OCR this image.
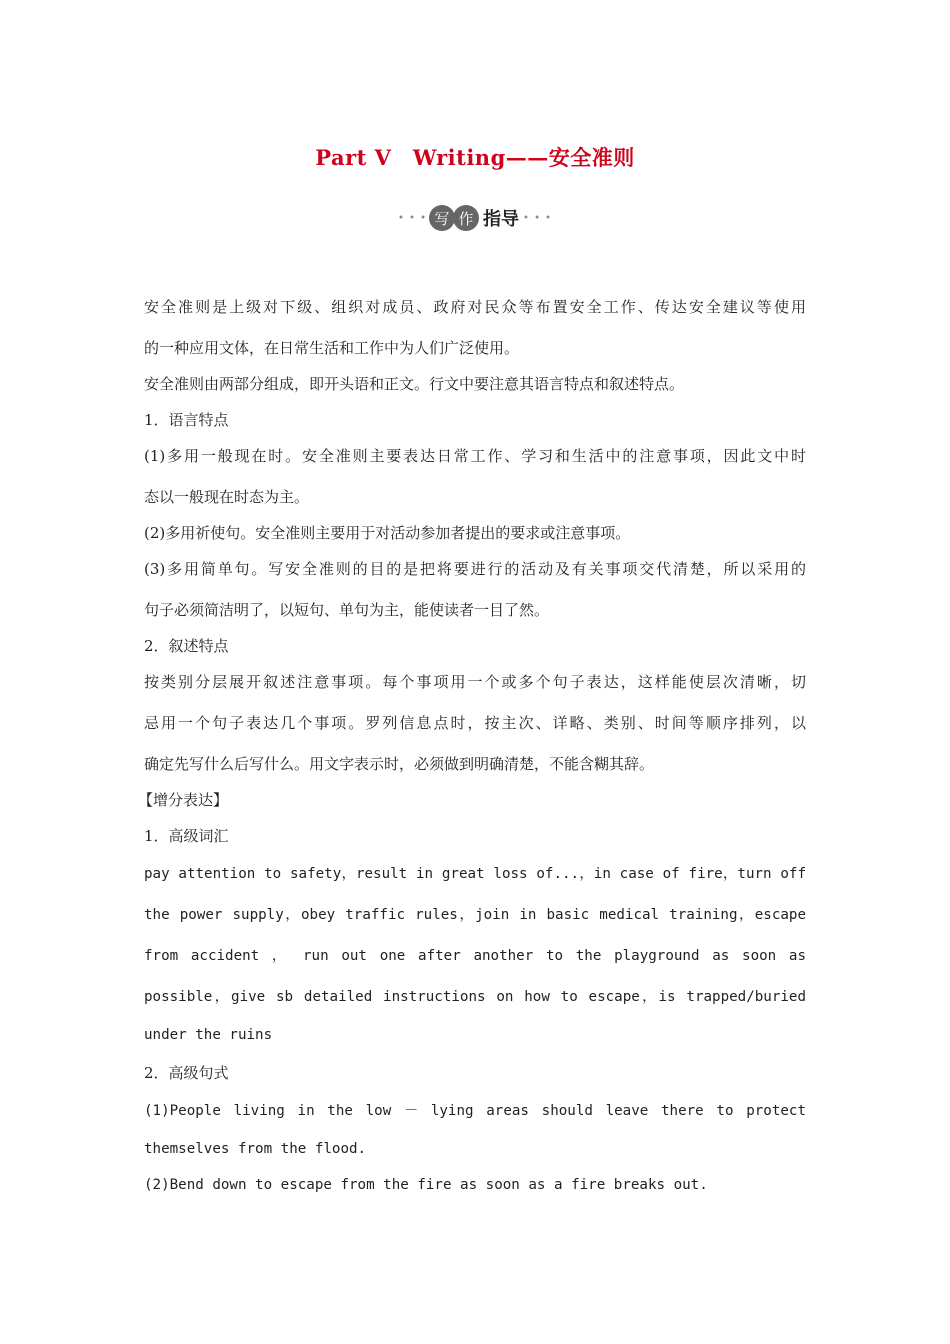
Part Ⅴ　Writing——安全准则
• • • 写 作 指导 • • •
安全准则是上级对下级、组织对成员、政府对民众等布置安全工作、传达安全建议等使用
的一种应用文体，在日常生活和工作中为人们广泛使用。
安全准则由两部分组成，即开头语和正文。行文中要注意其语言特点和叙述特点。
1．语言特点
(1)多用一般现在时。安全准则主要表达日常工作、学习和生活中的注意事项，因此文中时
态以一般现在时态为主。
(2)多用祈使句。安全准则主要用于对活动参加者提出的要求或注意事项。
(3)多用简单句。写安全准则的目的是把将要进行的活动及有关事项交代清楚，所以采用的
句子必须简洁明了，以短句、单句为主，能使读者一目了然。
2．叙述特点
按类别分层展开叙述注意事项。每个事项用一个或多个句子表达，这样能使层次清晰，切
忌用一个句子表达几个事项。罗列信息点时，按主次、详略、类别、时间等顺序排列，以
确定先写什么后写什么。用文字表示时，必须做到明确清楚，不能含糊其辞。
【增分表达】
1．高级词汇
pay attention to safety，result in great loss of...，in case of fire，turn off
the power supply，obey traffic rules，join in basic medical training，escape
from accident ， run out one after another to the playground as soon as
possible，give sb detailed instructions on how to escape，is trapped/buried
under the ruins
2．高级句式
(1)People living in the low － lying areas should leave there to protect
themselves from the flood.
(2)Bend down to escape from the fire as soon as a fire breaks out.
